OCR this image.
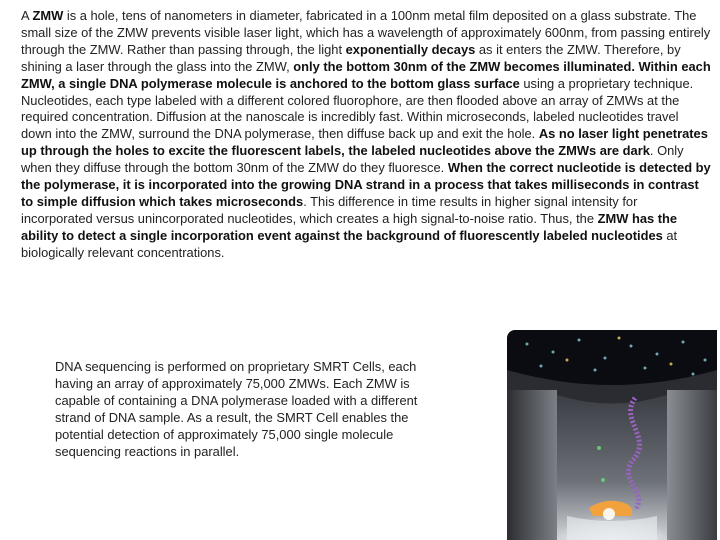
A ZMW is a hole, tens of nanometers in diameter, fabricated in a 100nm metal film deposited on a glass substrate. The small size of the ZMW prevents visible laser light, which has a wavelength of approximately 600nm, from passing entirely through the ZMW. Rather than passing through, the light exponentially decays as it enters the ZMW. Therefore, by shining a laser through the glass into the ZMW, only the bottom 30nm of the ZMW becomes illuminated. Within each ZMW, a single DNA polymerase molecule is anchored to the bottom glass surface using a proprietary technique. Nucleotides, each type labeled with a different colored fluorophore, are then flooded above an array of ZMWs at the required concentration. Diffusion at the nanoscale is incredibly fast. Within microseconds, labeled nucleotides travel down into the ZMW, surround the DNA polymerase, then diffuse back up and exit the hole. As no laser light penetrates up through the holes to excite the fluorescent labels, the labeled nucleotides above the ZMWs are dark. Only when they diffuse through the bottom 30nm of the ZMW do they fluoresce. When the correct nucleotide is detected by the polymerase, it is incorporated into the growing DNA strand in a process that takes milliseconds in contrast to simple diffusion which takes microseconds. This difference in time results in higher signal intensity for incorporated versus unincorporated nucleotides, which creates a high signal-to-noise ratio. Thus, the ZMW has the ability to detect a single incorporation event against the background of fluorescently labeled nucleotides at biologically relevant concentrations.

DNA sequencing is performed on proprietary SMRT Cells, each having an array of approximately 75,000 ZMWs. Each ZMW is capable of containing a DNA polymerase loaded with a different strand of DNA sample. As a result, the SMRT Cell enables the potential detection of approximately 75,000 single molecule sequencing reactions in parallel.
